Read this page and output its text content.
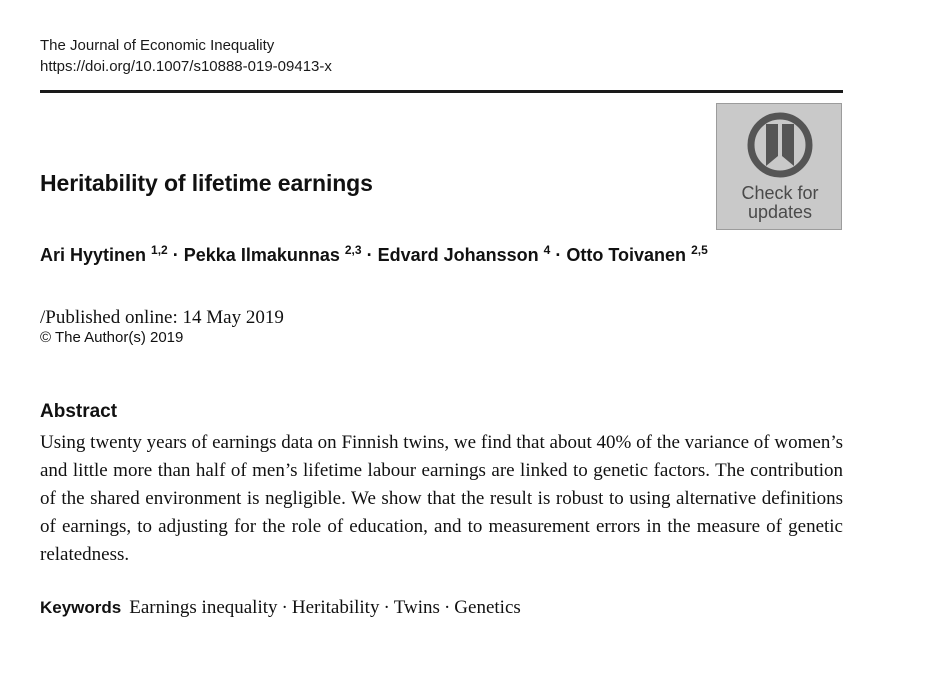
The Journal of Economic Inequality
https://doi.org/10.1007/s10888-019-09413-x
Check for
updates
Heritability of lifetime earnings
Ari Hyytinen $^{1,2}$ · Pekka Ilmakunnas $^{2,3}$ · Edvard Johansson $^4$ · Otto Toivanen $^{2,5}$
/Published online: 14 May 2019
© The Author(s) 2019
Abstract

Using twenty years of earnings data on Finnish twins, we find that about 40% of the variance of women’s and little more than half of men’s lifetime labour earnings are linked to genetic factors. The contribution of the shared environment is negligible. We show that the result is robust to using alternative definitions of earnings, to adjusting for the role of education, and to measurement errors in the measure of genetic relatedness.

Keywords Earnings inequality · Heritability · Twins · Genetics
